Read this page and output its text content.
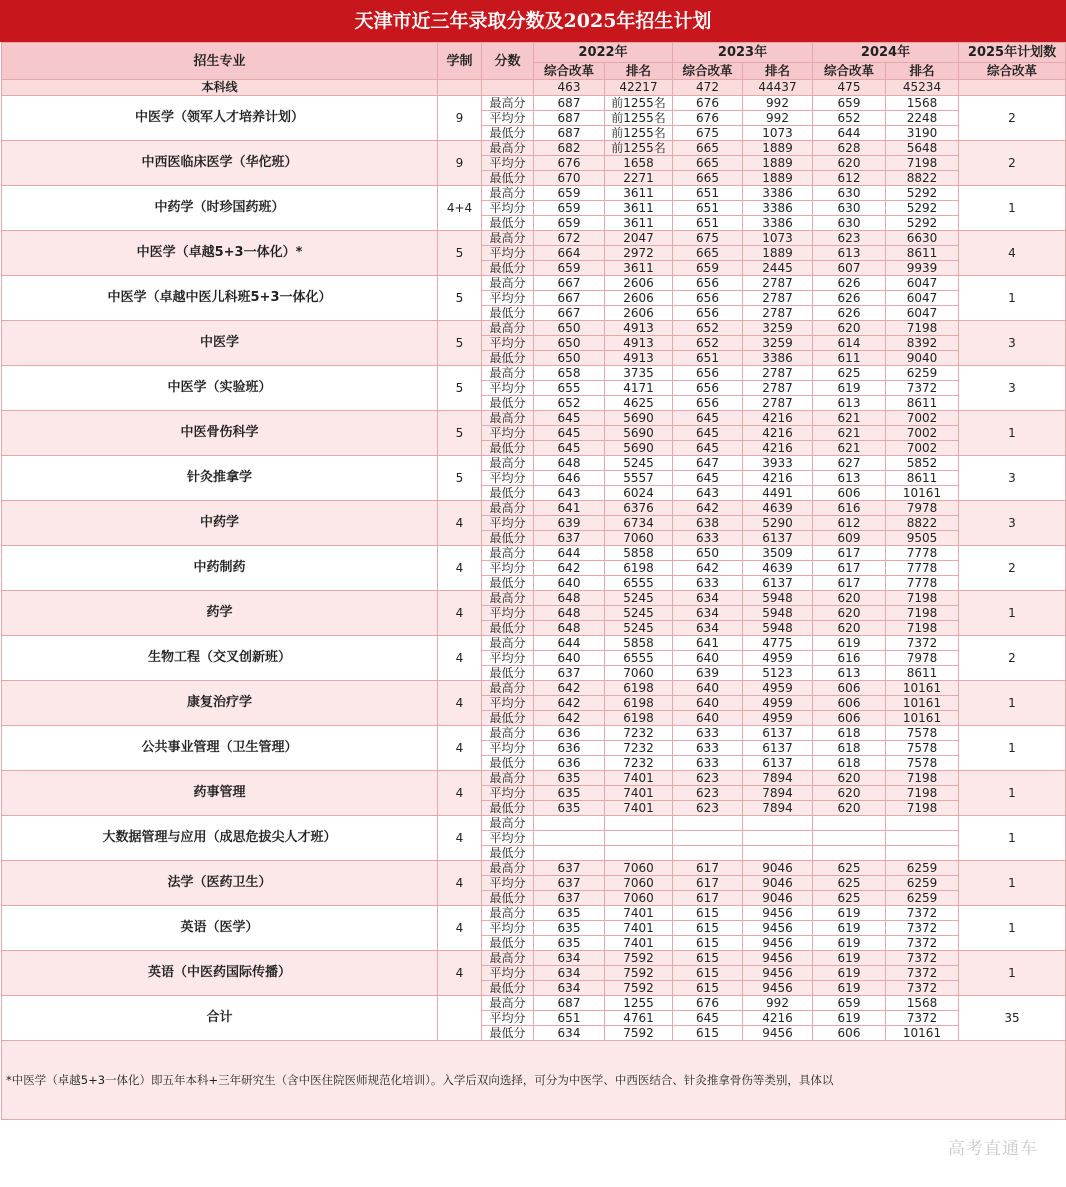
天津市近三年录取分数及2025年招生计划
招生专业	学制	分数	2022年		2023年		2024年		2025年计划数
			综合改革	排名	综合改革	排名	综合改革	排名	综合改革
本科线			463	42217	472	44437	475	45234	
中医学（领军人才培养计划）	9	最高分	687	前1255名	676	992	659	1568	2
		平均分	687	前1255名	676	992	652	2248	
		最低分	687	前1255名	675	1073	644	3190	
中西医临床医学（华佗班）	9	最高分	682	前1255名	665	1889	628	5648	2
		平均分	676	1658	665	1889	620	7198	
		最低分	670	2271	665	1889	612	8822	
中药学（时珍国药班）	4+4	最高分	659	3611	651	3386	630	5292	1
		平均分	659	3611	651	3386	630	5292	
		最低分	659	3611	651	3386	630	5292	
中医学（卓越5+3一体化）*	5	最高分	672	2047	675	1073	623	6630	4
		平均分	664	2972	665	1889	613	8611	
		最低分	659	3611	659	2445	607	9939	
中医学（卓越中医儿科班5+3一体化）	5	最高分	667	2606	656	2787	626	6047	1
		平均分	667	2606	656	2787	626	6047	
		最低分	667	2606	656	2787	626	6047	
中医学	5	最高分	650	4913	652	3259	620	7198	3
		平均分	650	4913	652	3259	614	8392	
		最低分	650	4913	651	3386	611	9040	
中医学（实验班）	5	最高分	658	3735	656	2787	625	6259	3
		平均分	655	4171	656	2787	619	7372	
		最低分	652	4625	656	2787	613	8611	
中医骨伤科学	5	最高分	645	5690	645	4216	621	7002	1
		平均分	645	5690	645	4216	621	7002	
		最低分	645	5690	645	4216	621	7002	
针灸推拿学	5	最高分	648	5245	647	3933	627	5852	3
		平均分	646	5557	645	4216	613	8611	
		最低分	643	6024	643	4491	606	10161	
中药学	4	最高分	641	6376	642	4639	616	7978	3
		平均分	639	6734	638	5290	612	8822	
		最低分	637	7060	633	6137	609	9505	
中药制药	4	最高分	644	5858	650	3509	617	7778	2
		平均分	642	6198	642	4639	617	7778	
		最低分	640	6555	633	6137	617	7778	
药学	4	最高分	648	5245	634	5948	620	7198	1
		平均分	648	5245	634	5948	620	7198	
		最低分	648	5245	634	5948	620	7198	
生物工程（交叉创新班）	4	最高分	644	5858	641	4775	619	7372	2
		平均分	640	6555	640	4959	616	7978	
		最低分	637	7060	639	5123	613	8611	
康复治疗学	4	最高分	642	6198	640	4959	606	10161	1
		平均分	642	6198	640	4959	606	10161	
		最低分	642	6198	640	4959	606	10161	
公共事业管理（卫生管理）	4	最高分	636	7232	633	6137	618	7578	1
		平均分	636	7232	633	6137	618	7578	
		最低分	636	7232	633	6137	618	7578	
药事管理	4	最高分	635	7401	623	7894	620	7198	1
		平均分	635	7401	623	7894	620	7198	
		最低分	635	7401	623	7894	620	7198	
大数据管理与应用（成思危拔尖人才班）	4	最高分							1
		平均分							
		最低分							
法学（医药卫生）	4	最高分	637	7060	617	9046	625	6259	1
		平均分	637	7060	617	9046	625	6259	
		最低分	637	7060	617	9046	625	6259	
英语（医学）	4	最高分	635	7401	615	9456	619	7372	1
		平均分	635	7401	615	9456	619	7372	
		最低分	635	7401	615	9456	619	7372	
英语（中医药国际传播）	4	最高分	634	7592	615	9456	619	7372	1
		平均分	634	7592	615	9456	619	7372	
		最低分	634	7592	615	9456	619	7372	
合计		最高分	687	1255	676	992	659	1568	35
		平均分	651	4761	645	4216	619	7372	
		最低分	634	7592	615	9456	606	10161	
*中医学（卓越5+3一体化）即五年本科+三年研究生（含中医住院医师规范化培训）。入学后双向选择，可分为中医学、中西医结合、针灸推拿骨伤等类别，具体以									
高考直通车
